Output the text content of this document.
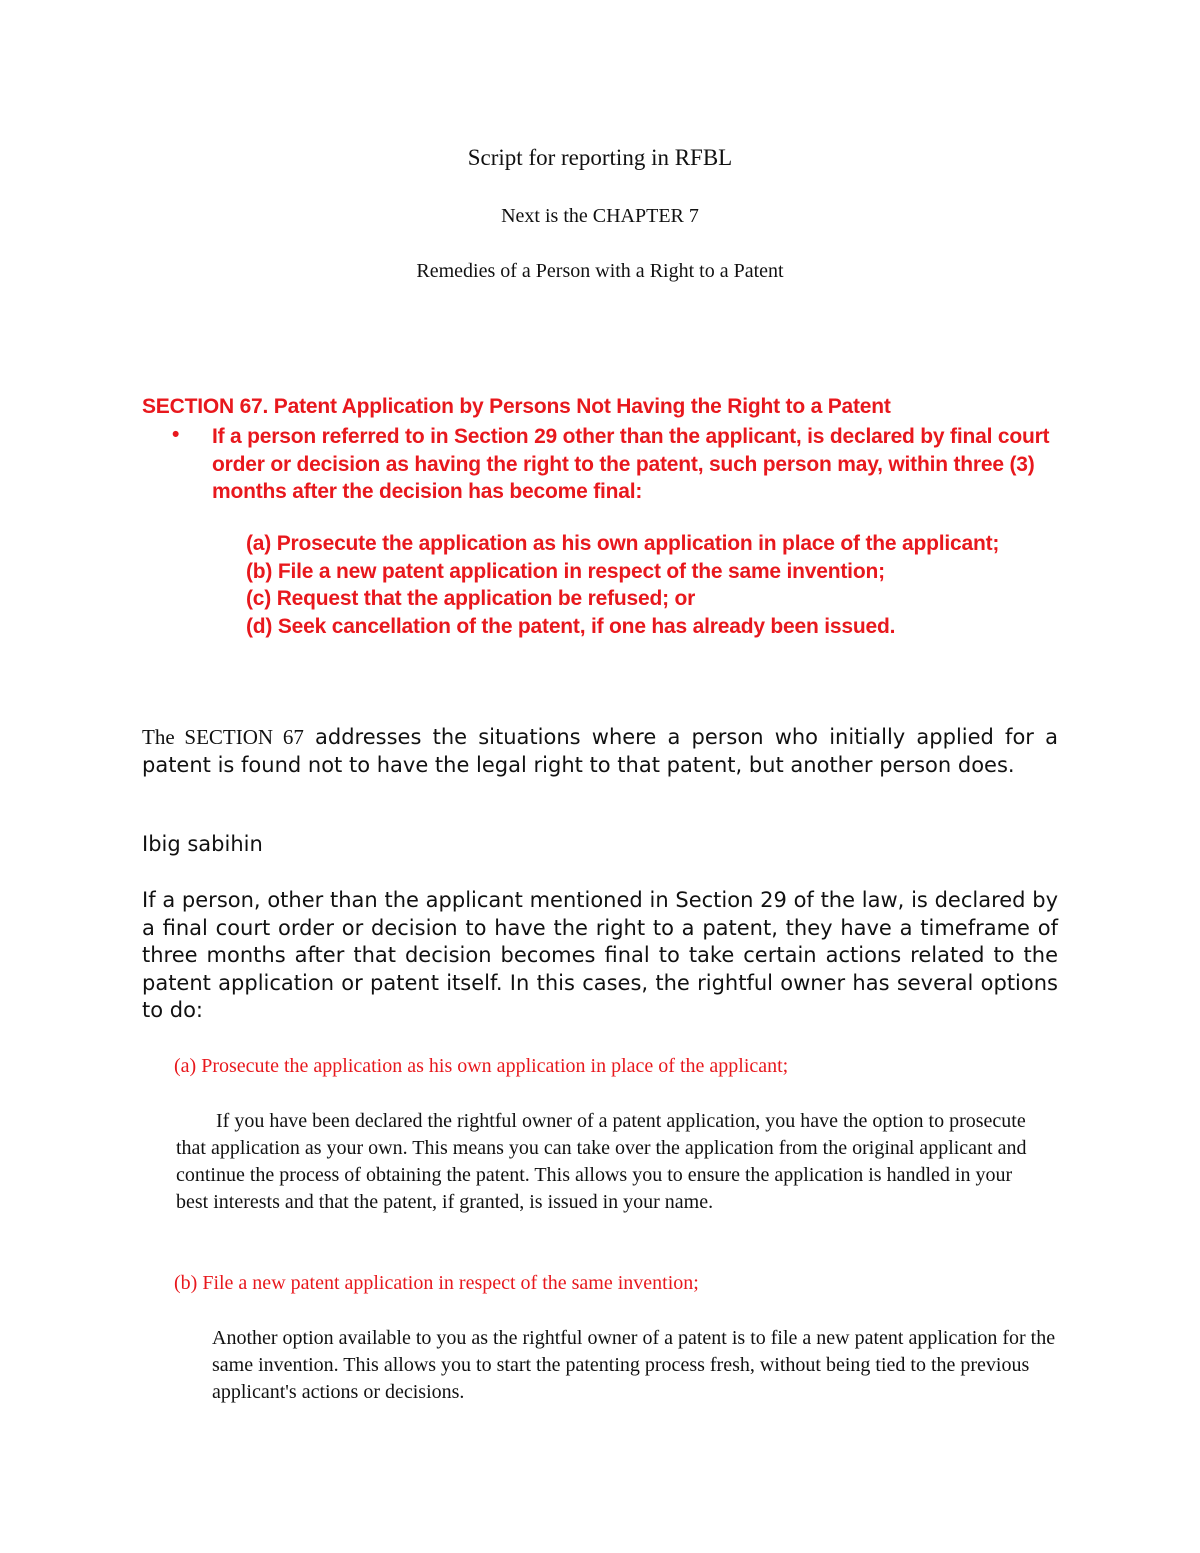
Script for reporting in RFBL
Next is the CHAPTER 7
Remedies of a Person with a Right to a Patent
SECTION 67. Patent Application by Persons Not Having the Right to a Patent
• If a person referred to in Section 29 other than the applicant, is declared by final court order or decision as having the right to the patent, such person may, within three (3) months after the decision has become final:
(a) Prosecute the application as his own application in place of the applicant;
(b) File a new patent application in respect of the same invention;
(c) Request that the application be refused; or
(d) Seek cancellation of the patent, if one has already been issued.
The SECTION 67 addresses the situations where a person who initially applied for a patent is found not to have the legal right to that patent, but another person does.
Ibig sabihin
If a person, other than the applicant mentioned in Section 29 of the law, is declared by a final court order or decision to have the right to a patent, they have a timeframe of three months after that decision becomes final to take certain actions related to the patent application or patent itself. In this cases, the rightful owner has several options to do:
(a) Prosecute the application as his own application in place of the applicant;
If you have been declared the rightful owner of a patent application, you have the option to prosecute that application as your own. This means you can take over the application from the original applicant and continue the process of obtaining the patent. This allows you to ensure the application is handled in your best interests and that the patent, if granted, is issued in your name.
(b) File a new patent application in respect of the same invention;
Another option available to you as the rightful owner of a patent is to file a new patent application for the same invention. This allows you to start the patenting process fresh, without being tied to the previous applicant's actions or decisions.
